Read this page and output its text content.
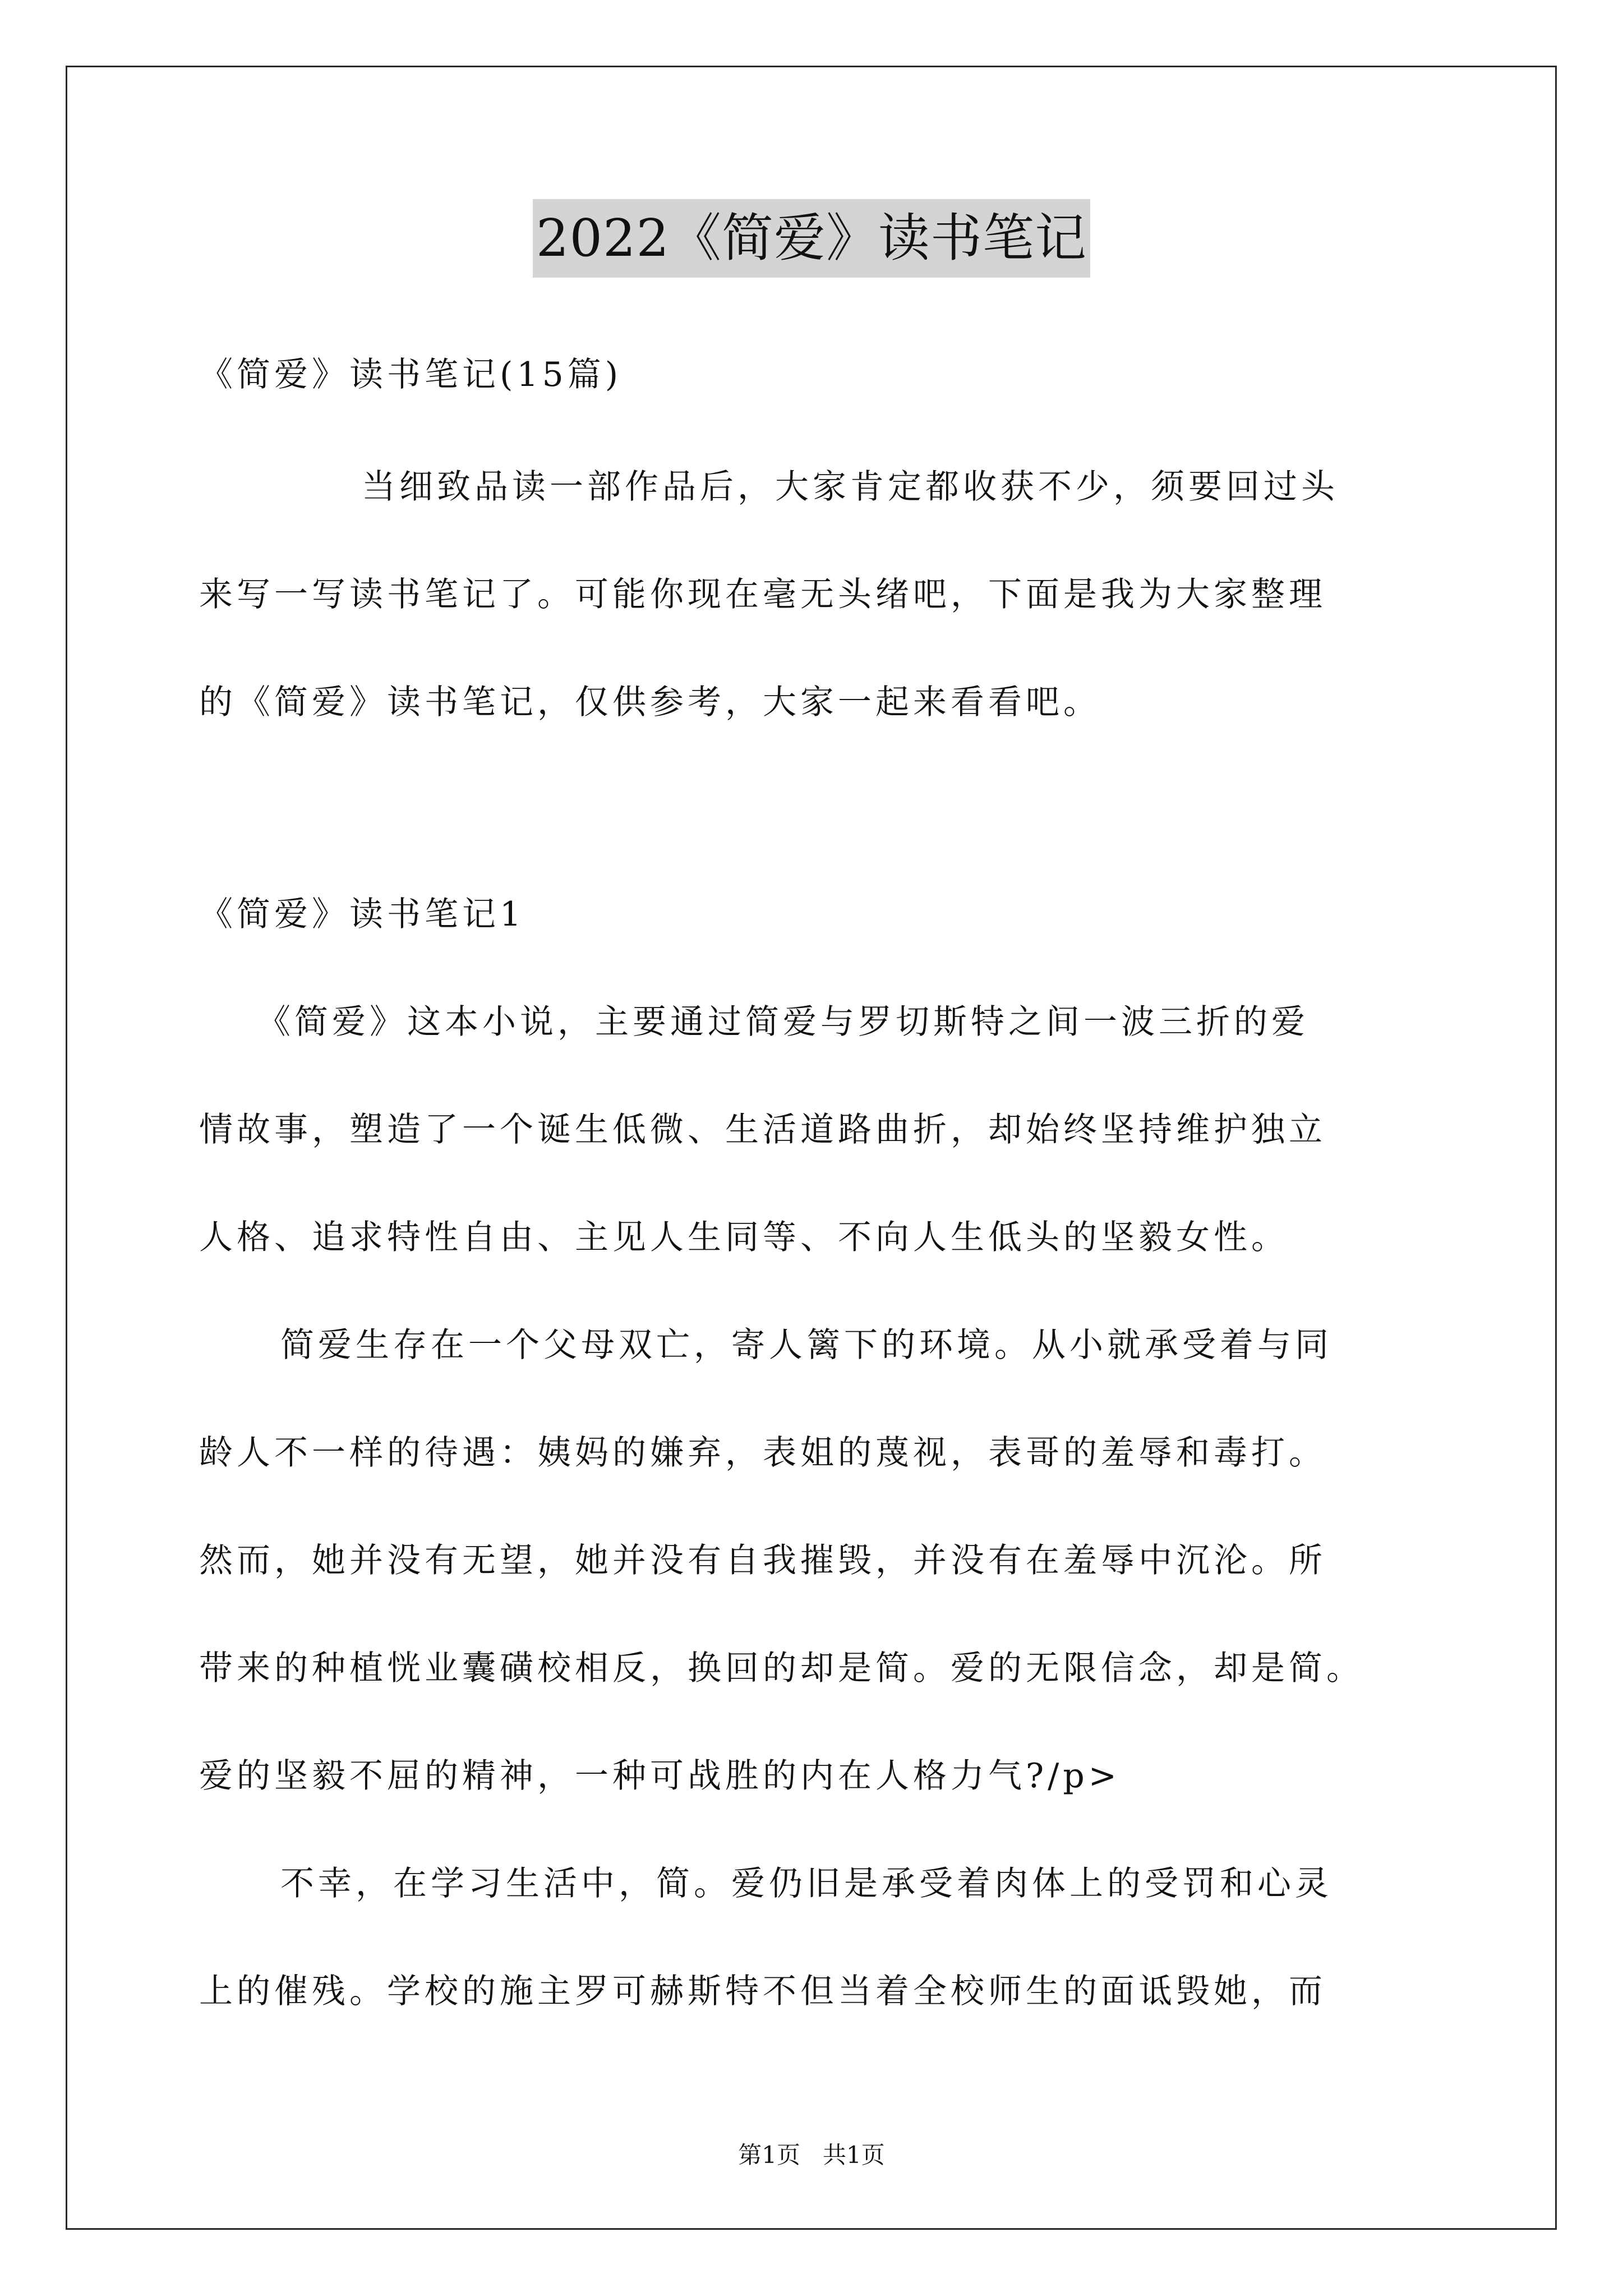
2022《简爱》读书笔记
《简爱》读书笔记(15篇)
当细致品读一部作品后，大家肯定都收获不少，须要回过头
来写一写读书笔记了。可能你现在毫无头绪吧，下面是我为大家整理
的《简爱》读书笔记，仅供参考，大家一起来看看吧。
《简爱》读书笔记1
《简爱》这本小说，主要通过简爱与罗切斯特之间一波三折的爱
情故事，塑造了一个诞生低微、生活道路曲折，却始终坚持维护独立
人格、追求特性自由、主见人生同等、不向人生低头的坚毅女性。
简爱生存在一个父母双亡，寄人篱下的环境。从小就承受着与同
龄人不一样的待遇：姨妈的嫌弃，表姐的蔑视，表哥的羞辱和毒打。
然而，她并没有无望，她并没有自我摧毁，并没有在羞辱中沉沦。所
带来的种植恍业囊磺校相反，换回的却是简。爱的无限信念，却是简。
爱的坚毅不屈的精神，一种可战胜的内在人格力气?/p>
不幸，在学习生活中，简。爱仍旧是承受着肉体上的受罚和心灵
上的催残。学校的施主罗可赫斯特不但当着全校师生的面诋毁她，而
第1页   共1页
